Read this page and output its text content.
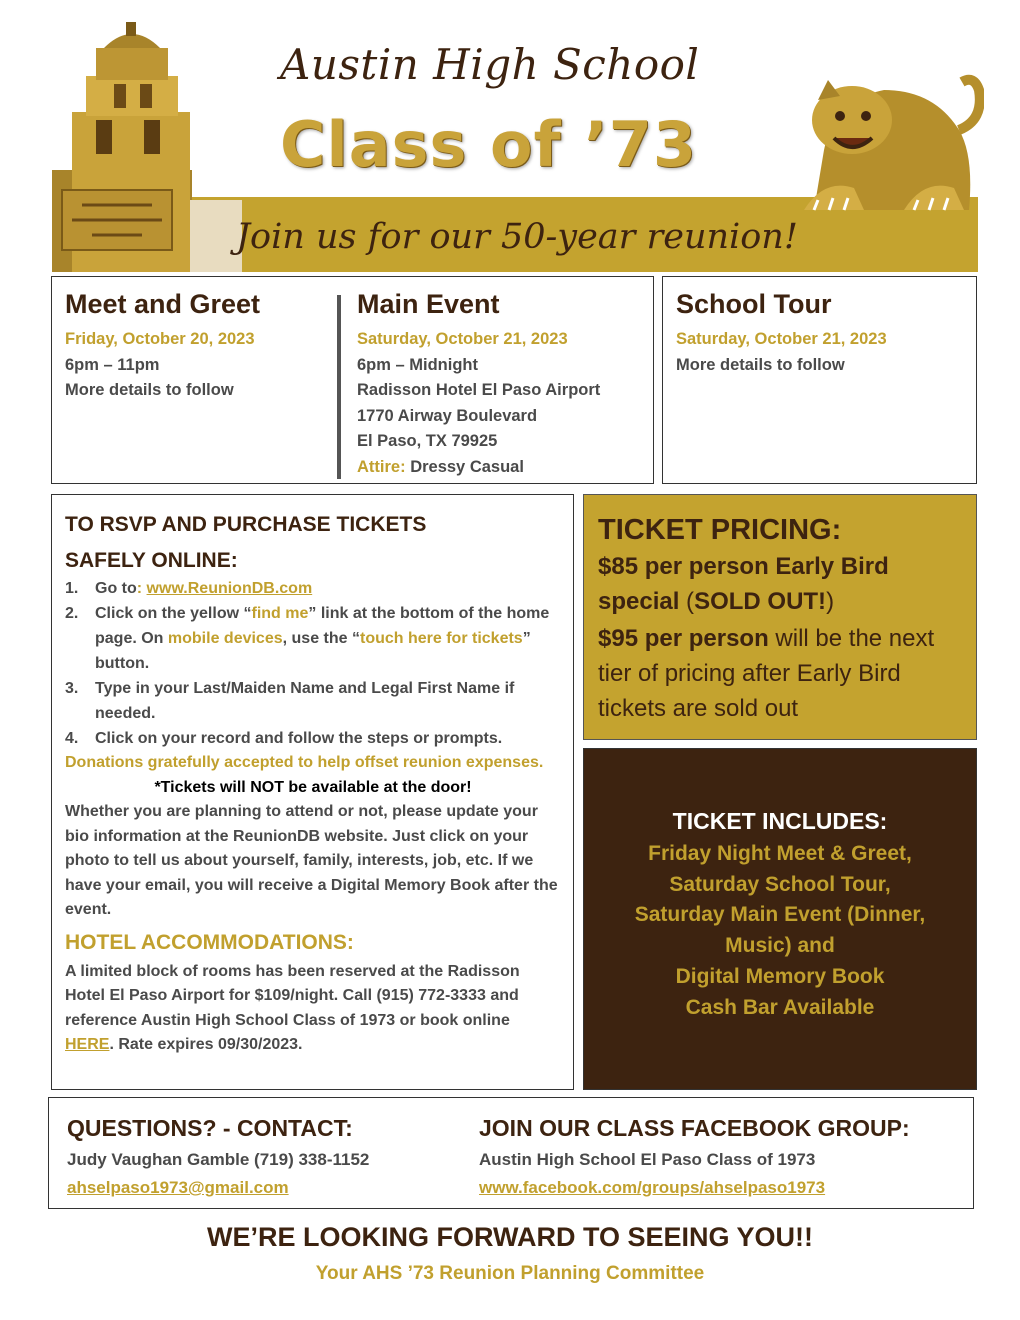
Austin High School
Class of ’73
Join us for our 50-year reunion!
Meet and Greet
Friday, October 20, 2023
6pm – 11pm
More details to follow
Main Event
Saturday, October 21, 2023
6pm – Midnight
Radisson Hotel El Paso Airport
1770 Airway Boulevard
El Paso, TX 79925
Attire: Dressy Casual
School Tour
Saturday, October 21, 2023
More details to follow
TO RSVP AND PURCHASE TICKETS
SAFELY ONLINE:
1. Go to: www.ReunionDB.com
2. Click on the yellow “find me” link at the bottom of the home page. On mobile devices, use the “touch here for tickets” button.
3. Type in your Last/Maiden Name and Legal First Name if needed.
4. Click on your record and follow the steps or prompts.
Donations gratefully accepted to help offset reunion expenses.
*Tickets will NOT be available at the door!
Whether you are planning to attend or not, please update your bio information at the ReunionDB website. Just click on your photo to tell us about yourself, family, interests, job, etc. If we have your email, you will receive a Digital Memory Book after the event.
HOTEL ACCOMMODATIONS:
A limited block of rooms has been reserved at the Radisson Hotel El Paso Airport for $109/night. Call (915) 772-3333 and reference Austin High School Class of 1973 or book online HERE. Rate expires 09/30/2023.
TICKET PRICING:
$85 per person Early Bird special (SOLD OUT!)
$95 per person will be the next tier of pricing after Early Bird tickets are sold out
TICKET INCLUDES:
Friday Night Meet & Greet,
Saturday School Tour,
Saturday Main Event (Dinner,
Music) and
Digital Memory Book
Cash Bar Available
QUESTIONS? - CONTACT:
Judy Vaughan Gamble (719) 338-1152
ahselpaso1973@gmail.com
JOIN OUR CLASS FACEBOOK GROUP:
Austin High School El Paso Class of 1973
www.facebook.com/groups/ahselpaso1973
WE’RE LOOKING FORWARD TO SEEING YOU!!
Your AHS ’73 Reunion Planning Committee
